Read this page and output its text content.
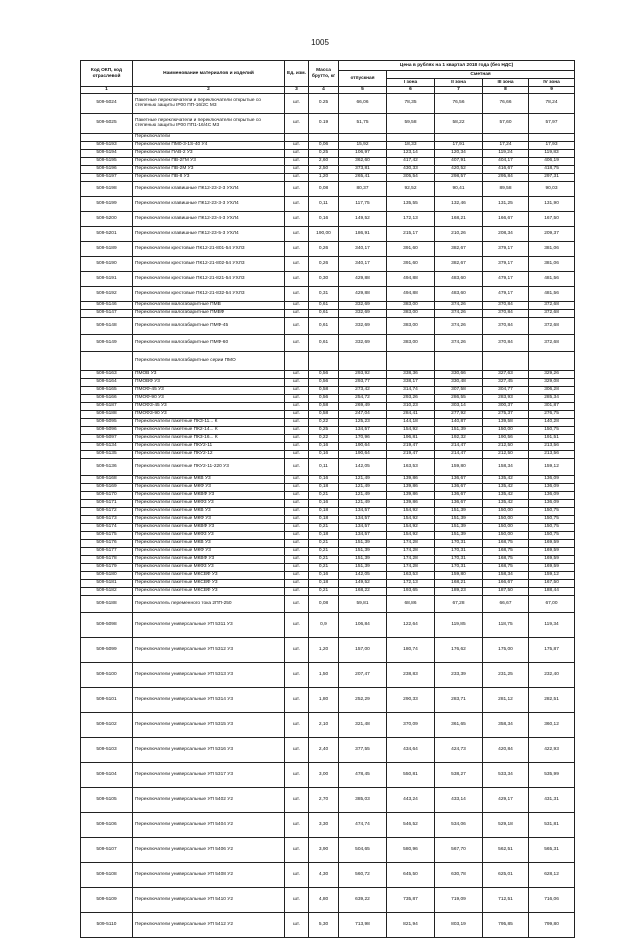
1005
Код ОКП, код отраслевой	Наименование материалов и изделий	Ед. изм.	Масса брутто, кг	Цена в рублях на 1 квартал 2018 года (без НДС)				
				отпускная	Сметная			
					I зона	II зона	III зона	IV зона
1	2	3	4	5	6	7	8	9
509-5024	Пакетные переключатели и переключатели открытые со степенью защиты IP00 ПП-16/2С М3	шт.	0.25	66,06	78,35	76,56	76,66	78,24
509-5025	Пакетные переключатели и переключатели открытые со степенью защиты IP00 ПП1-16/4С М3	шт.	0.19	51,75	59,58	58,22	57,60	57,97
	Переключатели							
509-5193	Переключатели ПМ0-3-1S-40 У4	шт.	0,06	15,92	18,33	17,91	17,24	17,93
509-5194	Переключатели ПАВ-2 У3	шт.	0,25	106,97	123,14	120,34	119,24	119,83
509-5195	Переключатели ПВ-2ГМ У3	шт.	2,60	362,60	417,42	407,91	404,17	406,19
509-5196	Переключатели ПВ-2М У3	шт.	2,50	373,81	430,33	420,52	416,67	418,75
509-5197	Переключатели ПВ-8 У3	шт.	1,20	265,41	305,54	298,57	295,84	297,31
509-5198	Переключатели клавишные ПК12-23-2-3 УХЛ4	шт.	0,08	80,37	92,52	90,41	89,58	90,03
509-5199	Переключатели клавишные ПК12-23-3-3 УХЛ4	шт.	0,11	117,75	135,55	132,46	131,25	131,90
509-5200	Переключатели клавишные ПК12-23-4-3 УХЛ4	шт.	0,16	149,52	172,13	168,21	166,67	167,50
509-5201	Переключатели клавишные ПК12-23-5-3 УХЛ4	шт.	190,00	186,91	215,17	210,26	208,34	209,37
509-5189	Переключатели крестовые ПК12-21-801-54 УХЛ3	шт.	0,26	340,17	391,60	382,67	379,17	381,06
509-5190	Переключатели крестовые ПК12-21-802-54 УХЛ3	шт.	0,26	340,17	391,60	382,67	379,17	381,06
509-5191	Переключатели крестовые ПК12-21-821-54 УХЛ3	шт.	0,30	429,88	494,88	483,60	479,17	481,56
509-5192	Переключатели крестовые ПК12-21-832-54 УХЛ3	шт.	0,31	429,88	494,88	483,60	479,17	481,56
509-5146	Переключатели малогабаритные ПМВ	шт.	0,61	332,69	383,00	374,26	370,84	372,68
509-5147	Переключатели малогабаритные ПМВФ	шт.	0,61	332,69	383,00	374,26	370,84	372,68
509-5148	Переключатели малогабаритные ПМФ-45	шт.	0,61	332,69	383,00	374,26	370,84	372,68
509-5149	Переключатели малогабаритные ПМФ-60	шт.	0,61	332,69	383,00	374,26	370,84	372,68
	Переключатели малогабаритные серии ПМО							
509-5163	ПМОВ У3	шт.	0,56	293,92	338,36	330,66	327,63	329,26
509-5164	ПМОВФ У3	шт.	0,56	293,77	338,17	330,48	327,45	329,08
509-5165	ПМОФ-45 У3	шт.	0,58	273,42	314,74	307,58	304,77	306,28
509-5166	ПМОФ-90 У3	шт.	0,56	254,72	293,26	286,55	283,93	285,34
509-5187	ПМОФЗ-45 У3	шт.	0,58	269,49	310,23	303,14	300,37	301,87
509-5188	ПМОФЗ-90 У3	шт.	0,58	247,04	284,41	277,92	275,37	276,75
509-5095	Переключатели пакетные ПКЗ-11... К	шт.	0,22	125,23	144,18	140,87	139,58	140,28
509-5096	Переключатели пакетные ПК2-14... К	шт.	0,25	134,57	154,92	151,39	150,00	150,75
509-5097	Переключатели пакетные ПК3-16... К	шт.	0,22	170,96	196,81	192,32	190,56	191,51
509-5134	Переключатели пакетные ПКУ2-11	шт.	0,16	190,64	219,47	214,47	212,50	213,56
509-5135	Переключатели пакетные ПКУ2-12	шт.	0,16	190,64	219,47	214,47	212,50	213,56
509-5136	Переключатели пакетные ПКУ2-11-220 У3	шт.	0,11	142,05	163,53	159,80	158,34	159,12
509-5168	Переключатели пакетные МКВ У3	шт.	0,16	121,49	139,86	136,67	135,42	136,09
509-5169	Переключатели пакетные МКФ У3	шт.	0,18	121,49	139,86	136,67	135,42	136,09
509-5170	Переключатели пакетные МКВФ У3	шт.	0,21	121,49	139,86	136,67	135,42	136,09
509-5171	Переключатели пакетные МКФ3 У3	шт.	0,16	121,49	139,86	136,67	135,42	136,09
509-5172	Переключатели пакетные МКВ У3	шт.	0,18	134,57	154,92	151,39	150,00	150,75
509-5173	Переключатели пакетные МКФ У3	шт.	0,18	134,57	154,92	151,39	150,00	150,75
509-5174	Переключатели пакетные МКВФ У3	шт.	0,21	134,57	154,92	151,39	150,00	150,75
509-5175	Переключатели пакетные МКФ3 У3	шт.	0,18	134,57	154,92	151,39	150,00	150,75
509-5176	Переключатели пакетные МКВ У3	шт.	0,21	151,39	174,28	170,31	168,75	169,59
509-5177	Переключатели пакетные МКФ У3	шт.	0,21	151,39	174,28	170,31	168,75	169,59
509-5178	Переключатели пакетные МКВФ У3	шт.	0,21	151,39	174,28	170,31	168,75	169,59
509-5179	Переключатели пакетные МКФ3 У3	шт.	0,21	151,39	174,28	170,31	168,75	169,59
509-5180	Переключатели пакетные МКСВФ У3	шт.	0,16	142,05	163,53	159,80	158,34	159,12
509-5181	Переключатели пакетные МКСВФ У3	шт.	0,18	149,52	172,13	168,21	166,67	167,50
509-5182	Переключатели пакетные МКСВФ У3	шт.	0,21	168,22	193,65	189,23	187,50	188,44
509-5188	Переключатель переменного тока 2ПП-250	шт.	0,08	59,81	68,86	67,28	66,67	67,00
509-5098	Переключатели универсальные УП 5311 У3	шт.	0,9	106,84	122,64	119,85	118,75	119,34
509-5099	Переключатели универсальные УП 5312 У3	шт.	1,20	157,00	180,74	176,62	175,00	175,87
509-5100	Переключатели универсальные УП 5313 У3	шт.	1,50	207,47	238,83	233,39	231,25	232,40
509-5101	Переключатели универсальные УП 5314 У3	шт.	1,80	252,29	290,33	283,71	281,12	282,51
509-5102	Переключатели универсальные УП 5315 У3	шт.	2,10	321,48	370,09	361,65	358,34	360,12
509-5103	Переключатели универсальные УП 5316 У3	шт.	2,40	377,55	434,64	424,73	420,84	422,93
509-5104	Переключатели универсальные УП 5317 У3	шт.	3,00	478,45	550,81	538,27	533,34	535,99
509-5105	Переключатели универсальные УП 5402 У2	шт.	2,70	385,03	443,24	433,14	429,17	431,31
509-5106	Переключатели универсальные УП 5404 У2	шт.	3,30	474,74	546,52	534,06	529,18	531,81
509-5107	Переключатели универсальные УП 5406 У2	шт.	3,90	504,65	580,96	567,70	562,51	565,31
509-5108	Переключатели универсальные УП 5408 У2	шт.	4,30	560,72	645,50	630,78	625,01	628,12
509-5109	Переключатели универсальные УП 5410 У2	шт.	4,80	639,22	735,87	719,09	712,51	716,06
509-5110	Переключатели универсальные УП 5412 У2	шт.	5,30	713,98	821,94	803,19	795,85	799,80
